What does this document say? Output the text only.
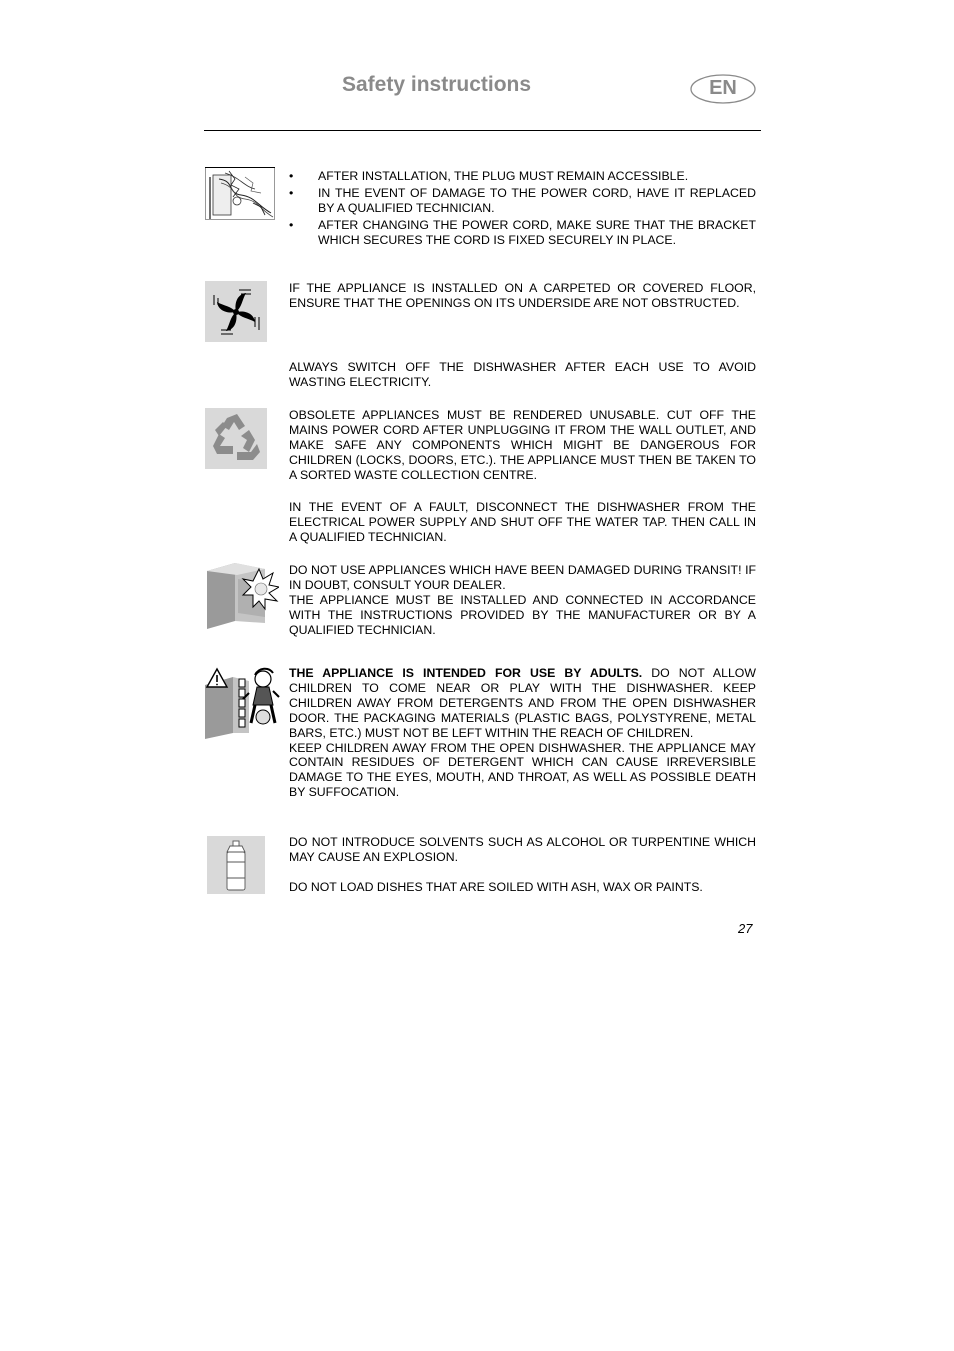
Safety instructions	EN
• AFTER INSTALLATION, THE PLUG MUST REMAIN ACCESSIBLE.
• IN THE EVENT OF DAMAGE TO THE POWER CORD, HAVE IT REPLACED BY A QUALIFIED TECHNICIAN.
• AFTER CHANGING THE POWER CORD, MAKE SURE THAT THE BRACKET WHICH SECURES THE CORD IS FIXED SECURELY IN PLACE.
IF THE APPLIANCE IS INSTALLED ON A CARPETED OR COVERED FLOOR, ENSURE THAT THE OPENINGS ON ITS UNDERSIDE ARE NOT OBSTRUCTED.
ALWAYS SWITCH OFF THE DISHWASHER AFTER EACH USE TO AVOID WASTING ELECTRICITY.
OBSOLETE APPLIANCES MUST BE RENDERED UNUSABLE. CUT OFF THE MAINS POWER CORD AFTER UNPLUGGING IT FROM THE WALL OUTLET, AND MAKE SAFE ANY COMPONENTS WHICH MIGHT BE DANGEROUS FOR CHILDREN (LOCKS, DOORS, ETC.). THE APPLIANCE MUST THEN BE TAKEN TO A SORTED WASTE COLLECTION CENTRE.
IN THE EVENT OF A FAULT, DISCONNECT THE DISHWASHER FROM THE ELECTRICAL POWER SUPPLY AND SHUT OFF THE WATER TAP. THEN CALL IN A QUALIFIED TECHNICIAN.

DO NOT USE APPLIANCES WHICH HAVE BEEN DAMAGED DURING TRANSIT! IF IN DOUBT, CONSULT YOUR DEALER.

THE APPLIANCE MUST BE INSTALLED AND CONNECTED IN ACCORDANCE WITH THE INSTRUCTIONS PROVIDED BY THE MANUFACTURER OR BY A QUALIFIED TECHNICIAN.

THE APPLIANCE IS INTENDED FOR USE BY ADULTS. DO NOT ALLOW CHILDREN TO COME NEAR OR PLAY WITH THE DISHWASHER. KEEP CHILDREN AWAY FROM DETERGENTS AND FROM THE OPEN DISHWASHER DOOR. THE PACKAGING MATERIALS (PLASTIC BAGS, POLYSTYRENE, METAL BARS, ETC.) MUST NOT BE LEFT WITHIN THE REACH OF CHILDREN.

KEEP CHILDREN AWAY FROM THE OPEN DISHWASHER. THE APPLIANCE MAY CONTAIN RESIDUES OF DETERGENT WHICH CAN CAUSE IRREVERSIBLE DAMAGE TO THE EYES, MOUTH, AND THROAT, AS WELL AS POSSIBLE DEATH BY SUFFOCATION.

DO NOT INTRODUCE SOLVENTS SUCH AS ALCOHOL OR TURPENTINE WHICH MAY CAUSE AN EXPLOSION.
DO NOT LOAD DISHES THAT ARE SOILED WITH ASH, WAX OR PAINTS.
27
